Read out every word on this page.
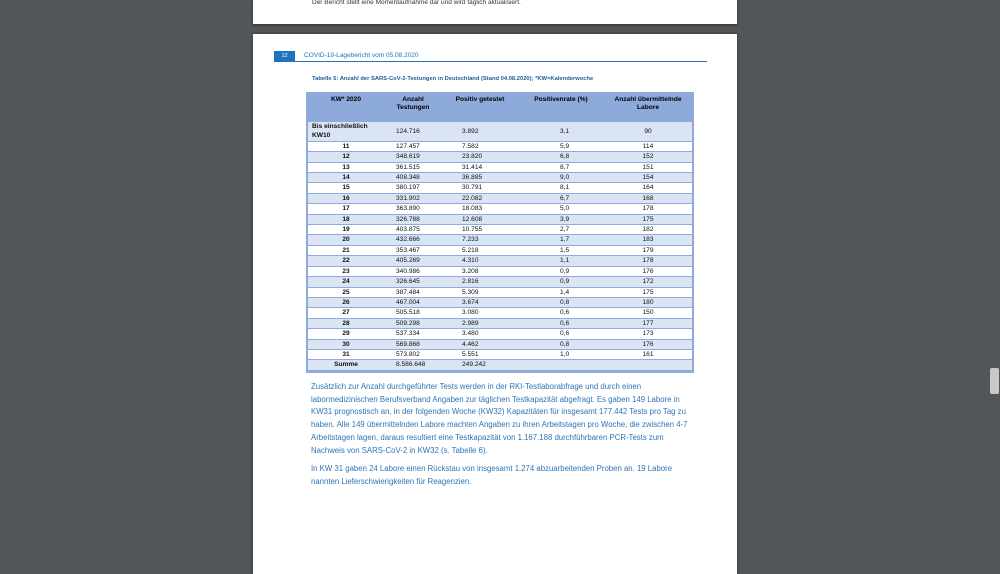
Der Bericht stellt eine Momentaufnahme dar und wird täglich aktualisiert.
12	COVID-19-Lagebericht vom 05.08.2020
Tabelle 5: Anzahl der SARS-CoV-2-Testungen in Deutschland (Stand 04.08.2020); *KW=Kalenderwoche
KW* 2020	Anzahl Testungen	Positiv getestet	Positivenrate (%)	Anzahl übermittelnde Labore
Bis einschließlich KW10	124.716	3.892	3,1	90
11	127.457	7.582	5,9	114
12	348.619	23.820	6,8	152
13	361.515	31.414	8,7	151
14	408.348	36.885	9,0	154
15	380.197	30.791	8,1	164
16	331.902	22.082	6,7	168
17	363.890	18.083	5,0	178
18	326.788	12.608	3,9	175
19	403.875	10.755	2,7	182
20	432.666	7.233	1,7	183
21	353.467	5.218	1,5	179
22	405.269	4.310	1,1	178
23	340.986	3.208	0,9	176
24	326.645	2.816	0,9	172
25	387.484	5.309	1,4	175
26	467.004	3.674	0,8	180
27	505.518	3.080	0,6	150
28	509.298	2.989	0,6	177
29	537.334	3.480	0,6	173
30	569.868	4.462	0,8	176
31	573.802	5.551	1,0	161
Summe	8.586.648	249.242		

Zusätzlich zur Anzahl durchgeführter Tests werden in der RKI-Testlaborabfrage und durch einen labormedizinischen Berufsverband Angaben zur täglichen Testkapazität abgefragt. Es gaben 149 Labore in KW31 prognostisch an, in der folgenden Woche (KW32) Kapazitäten für insgesamt 177.442 Tests pro Tag zu haben. Alle 149 übermittelnden Labore machten Angaben zu ihren Arbeitstagen pro Woche, die zwischen 4-7 Arbeitstagen lagen, daraus resultiert eine Testkapazität von 1.167.188 durchführbaren PCR-Tests zum Nachweis von SARS-CoV-2 in KW32 (s. Tabelle 6).

In KW 31 gaben 24 Labore einen Rückstau von insgesamt 1.274 abzuarbeitenden Proben an. 19 Labore nannten Lieferschwierigkeiten für Reagenzien.
